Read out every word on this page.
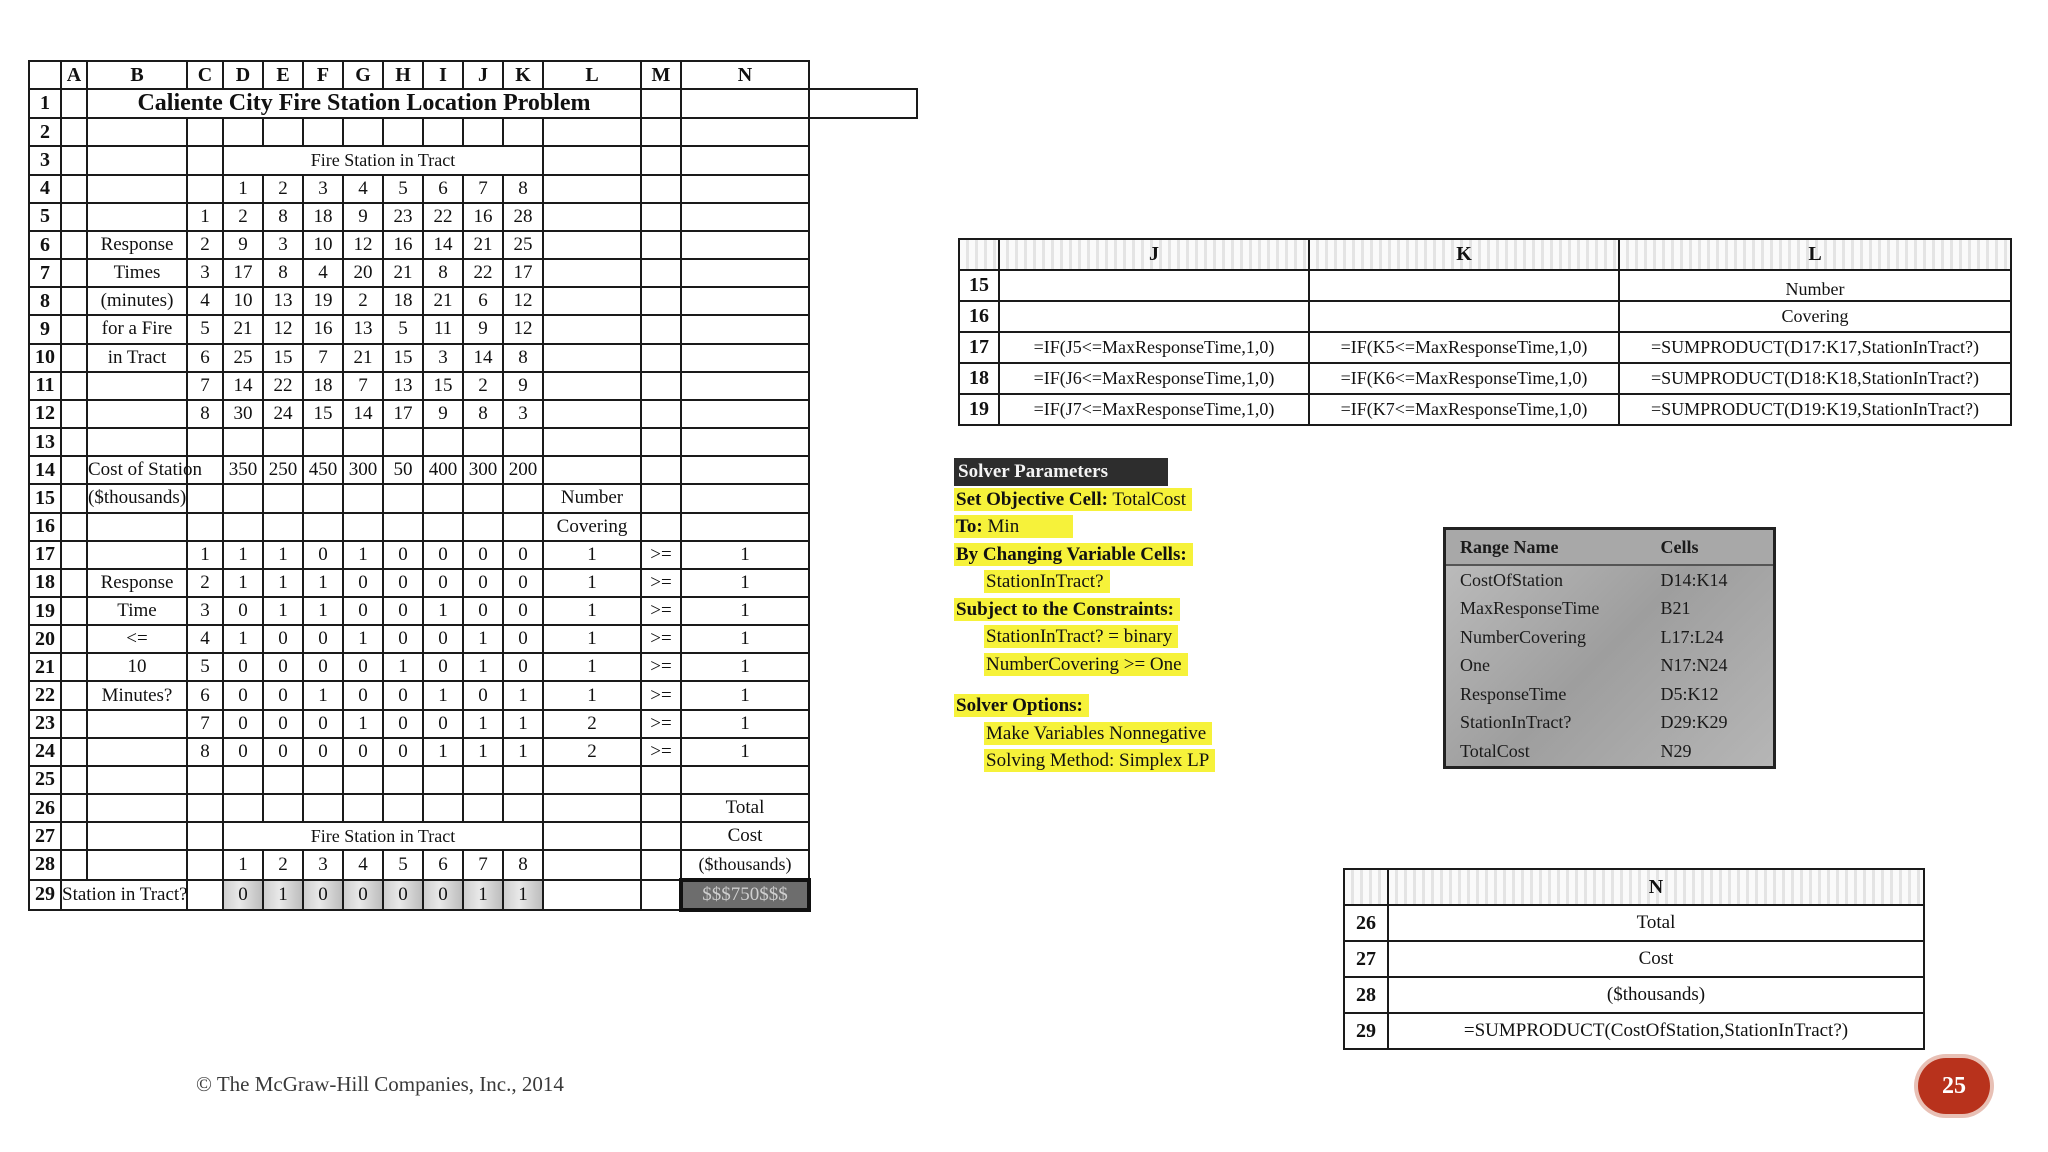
	A	B	C	D	E	F	G	H	I	J	K	L	M	N	
1		Caliente City Fire Station Location Problem													
2															
3				Fire Station in Tract											
4				1	2	3	4	5	6	7	8				
5			1	2	8	18	9	23	22	16	28				
6		Response	2	9	3	10	12	16	14	21	25				
7		Times	3	17	8	4	20	21	8	22	17				
8		(minutes)	4	10	13	19	2	18	21	6	12				
9		for a Fire	5	21	12	16	13	5	11	9	12				
10		in Tract	6	25	15	7	21	15	3	14	8				
11			7	14	22	18	7	13	15	2	9				
12			8	30	24	15	14	17	9	8	3				
13															
14		Cost of Station		350	250	450	300	50	400	300	200				
15		($thousands)										Number			
16												Covering			
17			1	1	1	0	1	0	0	0	0	1	>=	1	
18		Response	2	1	1	1	0	0	0	0	0	1	>=	1	
19		Time	3	0	1	1	0	0	1	0	0	1	>=	1	
20		<=	4	1	0	0	1	0	0	1	0	1	>=	1	
21		10	5	0	0	0	0	1	0	1	0	1	>=	1	
22		Minutes?	6	0	0	1	0	0	1	0	1	1	>=	1	
23			7	0	0	0	1	0	0	1	1	2	>=	1	
24			8	0	0	0	0	0	1	1	1	2	>=	1	
25															
26														Total	
27				Fire Station in Tract										Cost	
28				1	2	3	4	5	6	7	8			($thousands)	
29	Station in Tract?			0	1	0	0	0	0	1	1			$$$750$$$	
	J	K	L
15			Number
16			Covering
17	=IF(J5<=MaxResponseTime,1,0)	=IF(K5<=MaxResponseTime,1,0)	=SUMPRODUCT(D17:K17,StationInTract?)
18	=IF(J6<=MaxResponseTime,1,0)	=IF(K6<=MaxResponseTime,1,0)	=SUMPRODUCT(D18:K18,StationInTract?)
19	=IF(J7<=MaxResponseTime,1,0)	=IF(K7<=MaxResponseTime,1,0)	=SUMPRODUCT(D19:K19,StationInTract?)
Solver Parameters
Set Objective Cell: TotalCost
To: Min
By Changing Variable Cells:
StationInTract?
Subject to the Constraints:
StationInTract? = binary
NumberCovering >= One
Solver Options:
Make Variables Nonnegative
Solving Method: Simplex LP
Range Name	Cells
CostOfStation	D14:K14
MaxResponseTime	B21
NumberCovering	L17:L24
One	N17:N24
ResponseTime	D5:K12
StationInTract?	D29:K29
TotalCost	N29
	N
26	Total
27	Cost
28	($thousands)
29	=SUMPRODUCT(CostOfStation,StationInTract?)
© The McGraw-Hill Companies, Inc., 2014	25
